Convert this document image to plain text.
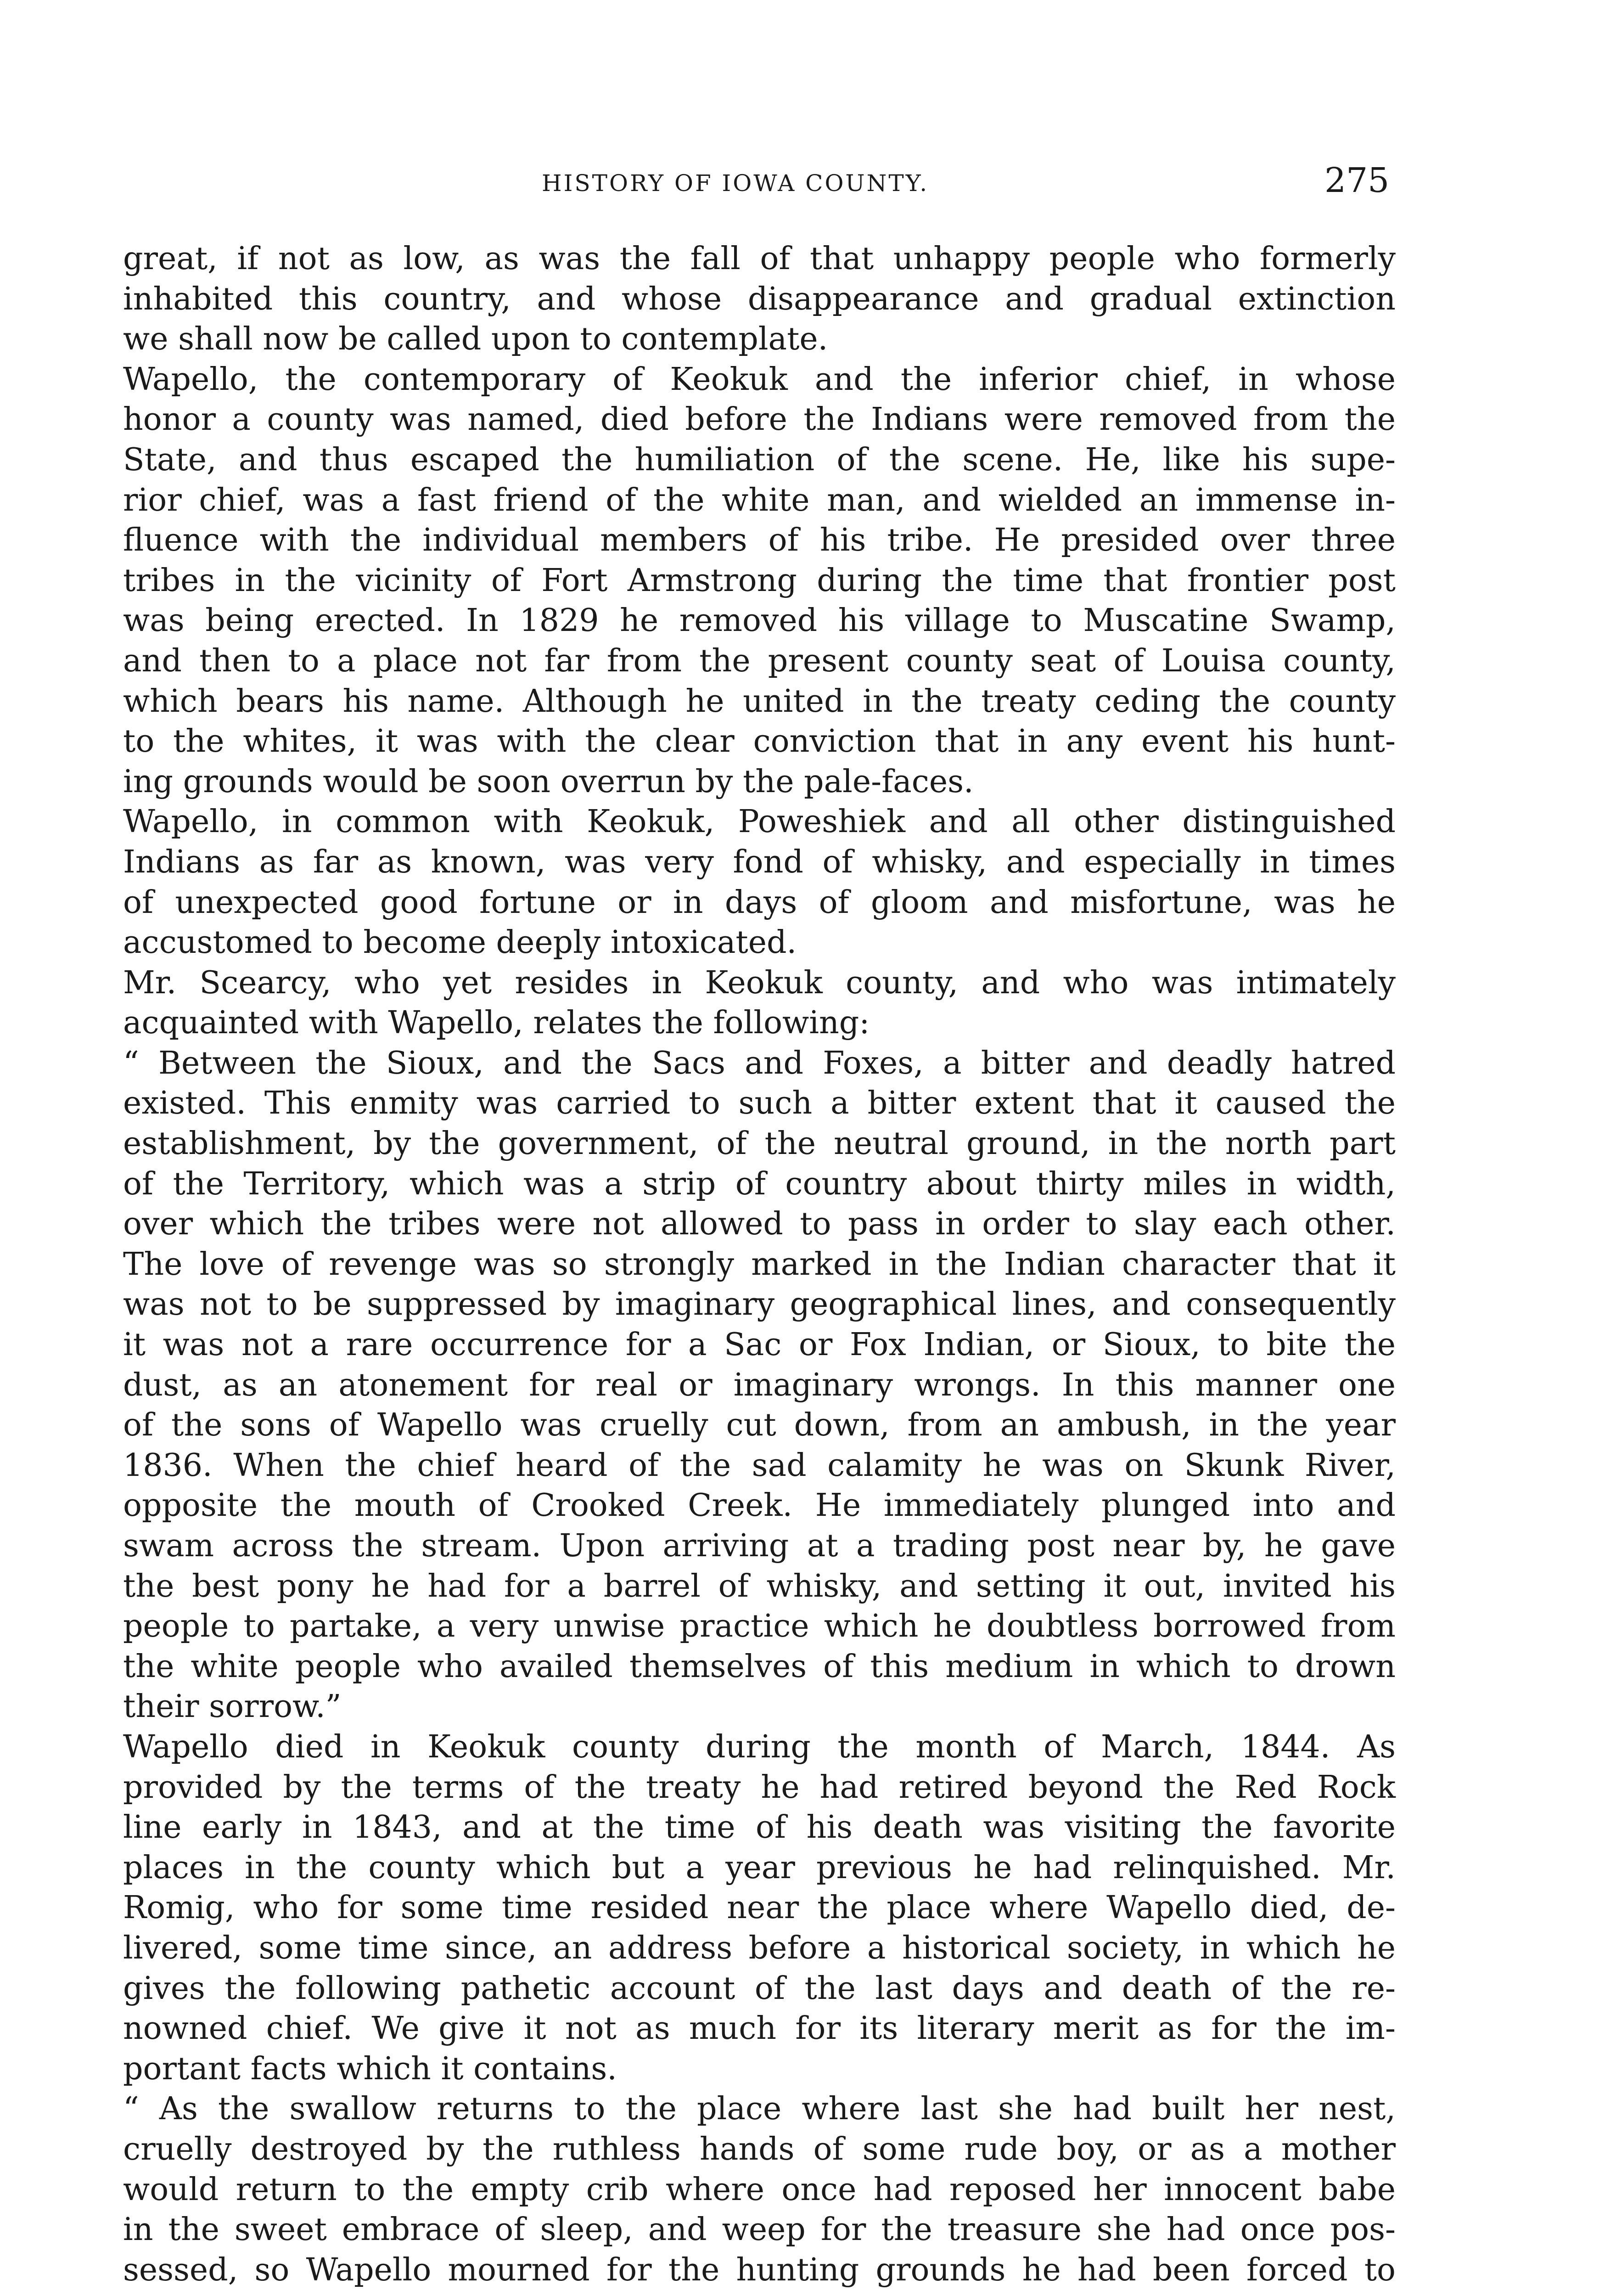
HISTORY OF IOWA COUNTY.	275
great, if not as low, as was the fall of that unhappy people who formerly
inhabited this country, and whose disappearance and gradual extinction
we shall now be called upon to contemplate.
Wapello, the contemporary of Keokuk and the inferior chief, in whose
honor a county was named, died before the Indians were removed from the
State, and thus escaped the humiliation of the scene. He, like his supe-
rior chief, was a fast friend of the white man, and wielded an immense in-
fluence with the individual members of his tribe. He presided over three
tribes in the vicinity of Fort Armstrong during the time that frontier post
was being erected. In 1829 he removed his village to Muscatine Swamp,
and then to a place not far from the present county seat of Louisa county,
which bears his name. Although he united in the treaty ceding the county
to the whites, it was with the clear conviction that in any event his hunt-
ing grounds would be soon overrun by the pale-faces.
Wapello, in common with Keokuk, Poweshiek and all other distinguished
Indians as far as known, was very fond of whisky, and especially in times
of unexpected good fortune or in days of gloom and misfortune, was he
accustomed to become deeply intoxicated.
Mr. Scearcy, who yet resides in Keokuk county, and who was intimately
acquainted with Wapello, relates the following:
“ Between the Sioux, and the Sacs and Foxes, a bitter and deadly hatred
existed. This enmity was carried to such a bitter extent that it caused the
establishment, by the government, of the neutral ground, in the north part
of the Territory, which was a strip of country about thirty miles in width,
over which the tribes were not allowed to pass in order to slay each other.
The love of revenge was so strongly marked in the Indian character that it
was not to be suppressed by imaginary geographical lines, and consequently
it was not a rare occurrence for a Sac or Fox Indian, or Sioux, to bite the
dust, as an atonement for real or imaginary wrongs. In this manner one
of the sons of Wapello was cruelly cut down, from an ambush, in the year
1836. When the chief heard of the sad calamity he was on Skunk River,
opposite the mouth of Crooked Creek. He immediately plunged into and
swam across the stream. Upon arriving at a trading post near by, he gave
the best pony he had for a barrel of whisky, and setting it out, invited his
people to partake, a very unwise practice which he doubtless borrowed from
the white people who availed themselves of this medium in which to drown
their sorrow.”
Wapello died in Keokuk county during the month of March, 1844. As
provided by the terms of the treaty he had retired beyond the Red Rock
line early in 1843, and at the time of his death was visiting the favorite
places in the county which but a year previous he had relinquished. Mr.
Romig, who for some time resided near the place where Wapello died, de-
livered, some time since, an address before a historical society, in which he
gives the following pathetic account of the last days and death of the re-
nowned chief. We give it not as much for its literary merit as for the im-
portant facts which it contains.
“ As the swallow returns to the place where last she had built her nest,
cruelly destroyed by the ruthless hands of some rude boy, or as a mother
would return to the empty crib where once had reposed her innocent babe
in the sweet embrace of sleep, and weep for the treasure she had once pos-
sessed, so Wapello mourned for the hunting grounds he had been forced to
